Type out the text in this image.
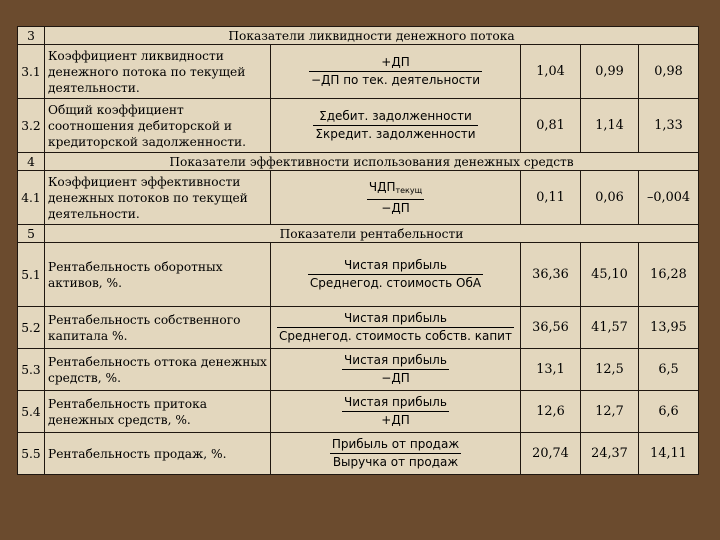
3	Показатели ликвидности денежного потока				
3.1	Коэффициент ликвидности денежного потока по текущей деятельности.	$\frac{+ДП}{\text{−ДП по тек. деятельности}}$	1,04	0,99	0,98
3.2	Общий коэффициент соотношения дебиторской и кредиторской задолженности.	$\frac{\text{Σдебит. задолженности}}{\text{Σкредит. задолженности}}$	0,81	1,14	1,33
4	Показатели эффективности использования денежных средств				
4.1	Коэффициент эффективности денежных потоков по текущей деятельности.	$\frac{ЧДП_{текущ}}{-ДП}$	0,11	0,06	–0,004
5	Показатели рентабельности				
5.1	Рентабельность оборотных активов, %.	$\frac{\text{Чистая прибыль}}{\text{Среднегод. стоимость ОбА}}$	36,36	45,10	16,28
5.2	Рентабельность собственного капитала %.	$\frac{\text{Чистая прибыль}}{\text{Среднегод. стоимость собств. капит}}$	36,56	41,57	13,95
5.3	Рентабельность оттока денежных средств, %.	$\frac{\text{Чистая прибыль}}{-ДП}$	13,1	12,5	6,5
5.4	Рентабельность притока денежных средств, %.	$\frac{\text{Чистая прибыль}}{+ДП}$	12,6	12,7	6,6
5.5	Рентабельность продаж, %.	$\frac{\text{Прибыль от продаж}}{\text{Выручка от продаж}}$	20,74	24,37	14,11
